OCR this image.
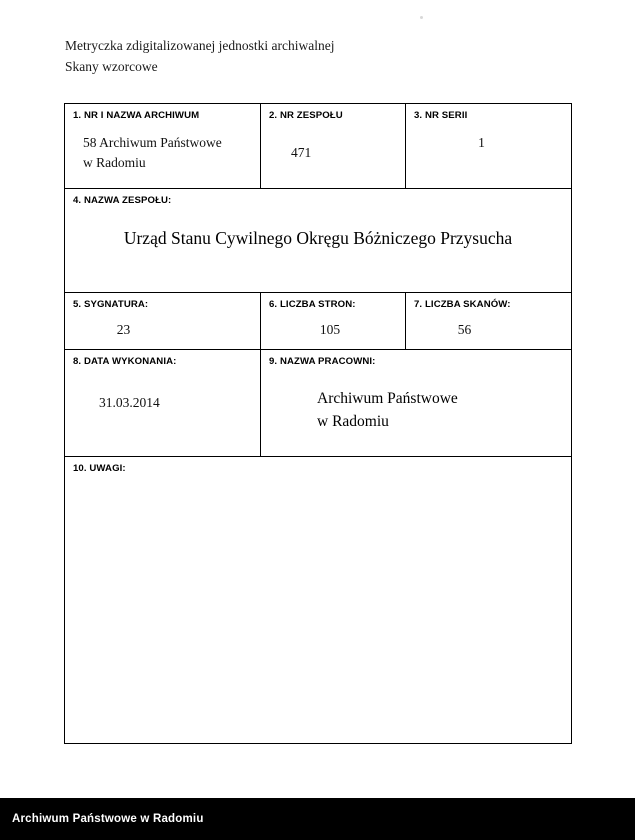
Metryczka zdigitalizowanej jednostki archiwalnej
Skany wzorcowe
1. NR I NAZWA ARCHIWUM
58 Archiwum Państwowe
w Radomiu

2. NR ZESPOŁU
471

3. NR SERII
1

4. NAZWA ZESPOŁU:
Urząd Stanu Cywilnego Okręgu Bóżniczego Przysucha		

5. SYGNATURA:
23

6. LICZBA STRON:
105

7. LICZBA SKANÓW:
56

8. DATA WYKONANIA:
31.03.2014

9. NAZWA PRACOWNI:
Archiwum Państwowe
w Radomiu

10. UWAGI:		
Archiwum Państwowe w Radomiu
